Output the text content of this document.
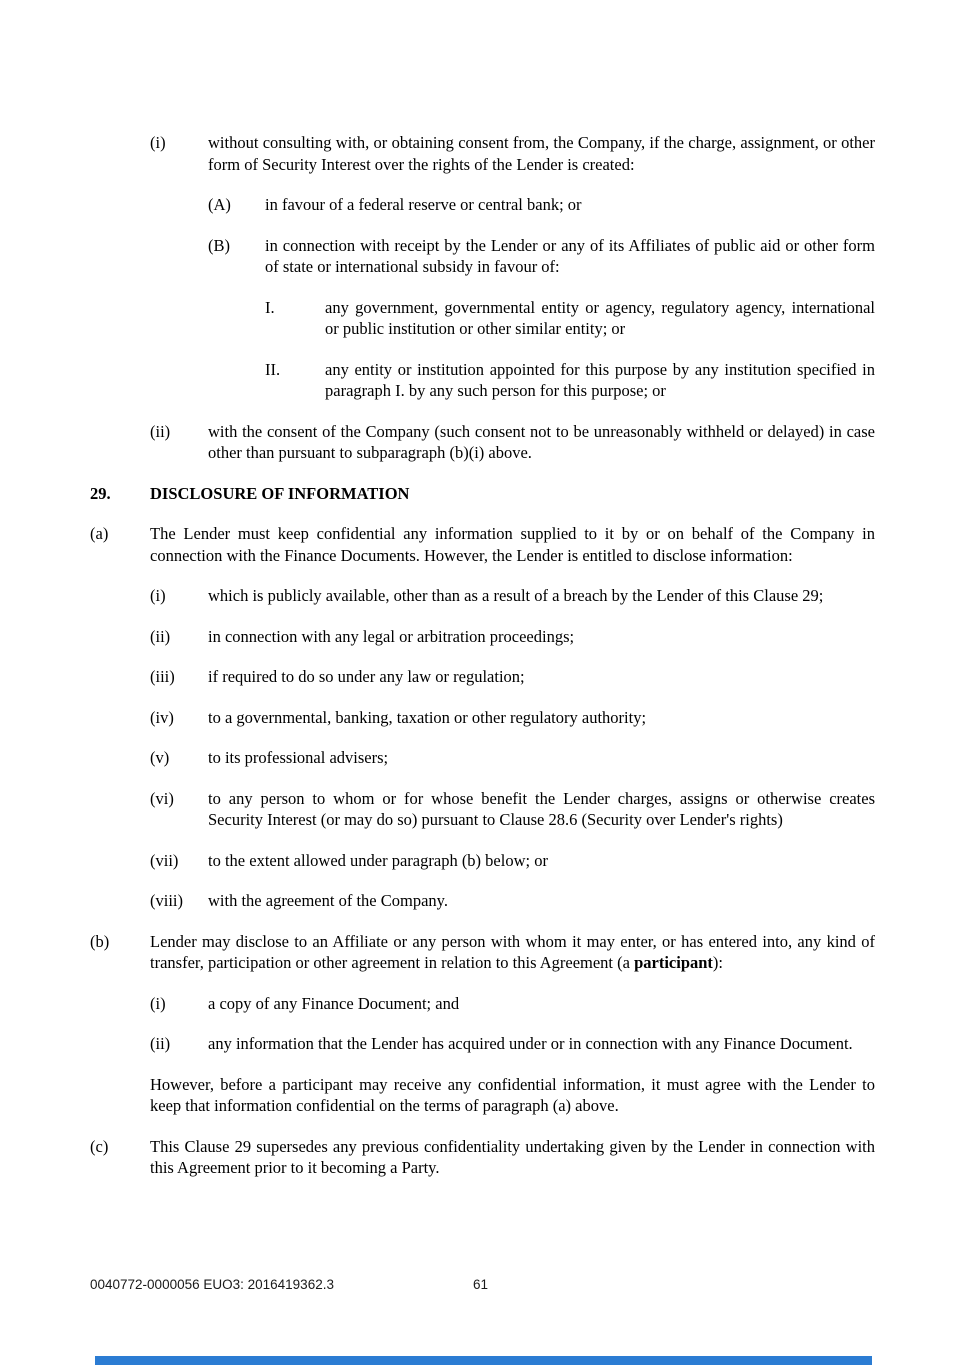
(i)	without consulting with, or obtaining consent from, the Company, if the charge, assignment, or other form of Security Interest over the rights of the Lender is created:
(A)	in favour of a federal reserve or central bank; or
(B)	in connection with receipt by the Lender or any of its Affiliates of public aid or other form of state or international subsidy in favour of:
I.	any government, governmental entity or agency, regulatory agency, international or public institution or other similar entity; or
II.	any entity or institution appointed for this purpose by any institution specified in paragraph I. by any such person for this purpose; or
(ii)	with the consent of the Company (such consent not to be unreasonably withheld or delayed) in case other than pursuant to subparagraph (b)(i) above.
29.	DISCLOSURE OF INFORMATION
(a)	The Lender must keep confidential any information supplied to it by or on behalf of the Company in connection with the Finance Documents. However, the Lender is entitled to disclose information:
(i)	which is publicly available, other than as a result of a breach by the Lender of this Clause 29;
(ii)	in connection with any legal or arbitration proceedings;
(iii)	if required to do so under any law or regulation;
(iv)	to a governmental, banking, taxation or other regulatory authority;
(v)	to its professional advisers;
(vi)	to any person to whom or for whose benefit the Lender charges, assigns or otherwise creates Security Interest (or may do so) pursuant to Clause 28.6 (Security over Lender's rights)
(vii)	to the extent allowed under paragraph (b) below; or
(viii)	with the agreement of the Company.
(b)	Lender may disclose to an Affiliate or any person with whom it may enter, or has entered into, any kind of transfer, participation or other agreement in relation to this Agreement (a participant):
(i)	a copy of any Finance Document; and
(ii)	any information that the Lender has acquired under or in connection with any Finance Document.
However, before a participant may receive any confidential information, it must agree with the Lender to keep that information confidential on the terms of paragraph (a) above.
(c)	This Clause 29 supersedes any previous confidentiality undertaking given by the Lender in connection with this Agreement prior to it becoming a Party.
0040772-0000056 EUO3: 2016419362.3	61
